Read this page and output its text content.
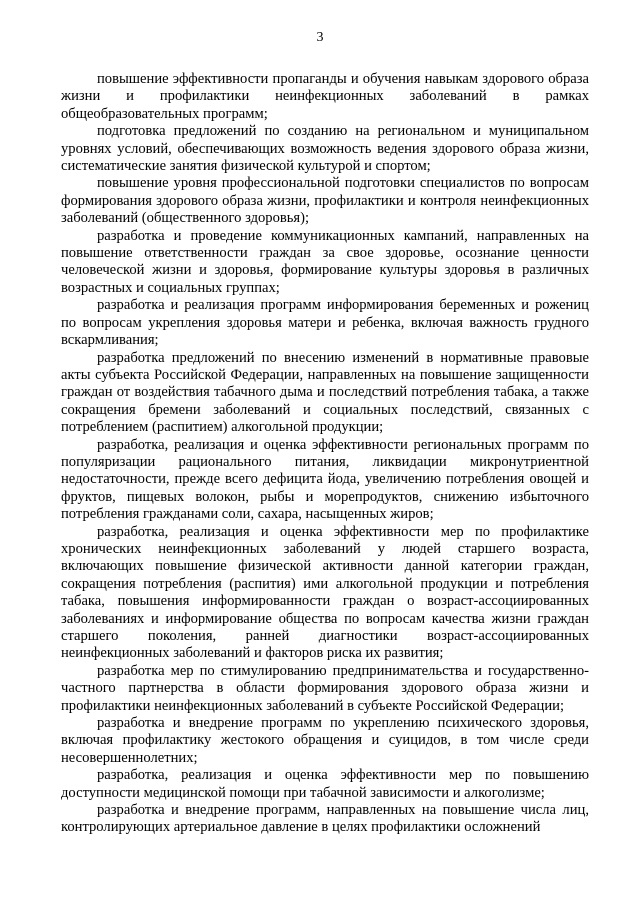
3

повышение эффективности пропаганды и обучения навыкам здорового образа жизни и профилактики неинфекционных заболеваний в рамках общеобразовательных программ;

подготовка предложений по созданию на региональном и муниципальном уровнях условий, обеспечивающих возможность ведения здорового образа жизни, систематические занятия физической культурой и спортом;

повышение уровня профессиональной подготовки специалистов по вопросам формирования здорового образа жизни, профилактики и контроля неинфекционных заболеваний (общественного здоровья);

разработка и проведение коммуникационных кампаний, направленных на повышение ответственности граждан за свое здоровье, осознание ценности человеческой жизни и здоровья, формирование культуры здоровья в различных возрастных и социальных группах;

разработка и реализация программ информирования беременных и рожениц по вопросам укрепления здоровья матери и ребенка, включая важность грудного вскармливания;

разработка предложений по внесению изменений в нормативные правовые акты субъекта Российской Федерации, направленных на повышение защищенности граждан от воздействия табачного дыма и последствий потребления табака, а также сокращения бремени заболеваний и социальных последствий, связанных с потреблением (распитием) алкогольной продукции;

разработка, реализация и оценка эффективности региональных программ по популяризации рационального питания, ликвидации микронутриентной недостаточности, прежде всего дефицита йода, увеличению потребления овощей и фруктов, пищевых волокон, рыбы и морепродуктов, снижению избыточного потребления гражданами соли, сахара, насыщенных жиров;

разработка, реализация и оценка эффективности мер по профилактике хронических неинфекционных заболеваний у людей старшего возраста, включающих повышение физической активности данной категории граждан, сокращения потребления (распития) ими алкогольной продукции и потребления табака, повышения информированности граждан о возраст-ассоциированных заболеваниях и информирование общества по вопросам качества жизни граждан старшего поколения, ранней диагностики возраст-ассоциированных неинфекционных заболеваний и факторов риска их развития;

разработка мер по стимулированию предпринимательства и государственно-частного партнерства в области формирования здорового образа жизни и профилактики неинфекционных заболеваний в субъекте Российской Федерации;

разработка и внедрение программ по укреплению психического здоровья, включая профилактику жестокого обращения и суицидов, в том числе среди несовершеннолетних;

разработка, реализация и оценка эффективности мер по повышению доступности медицинской помощи при табачной зависимости и алкоголизме;

разработка и внедрение программ, направленных на повышение числа лиц, контролирующих артериальное давление в целях профилактики осложнений
